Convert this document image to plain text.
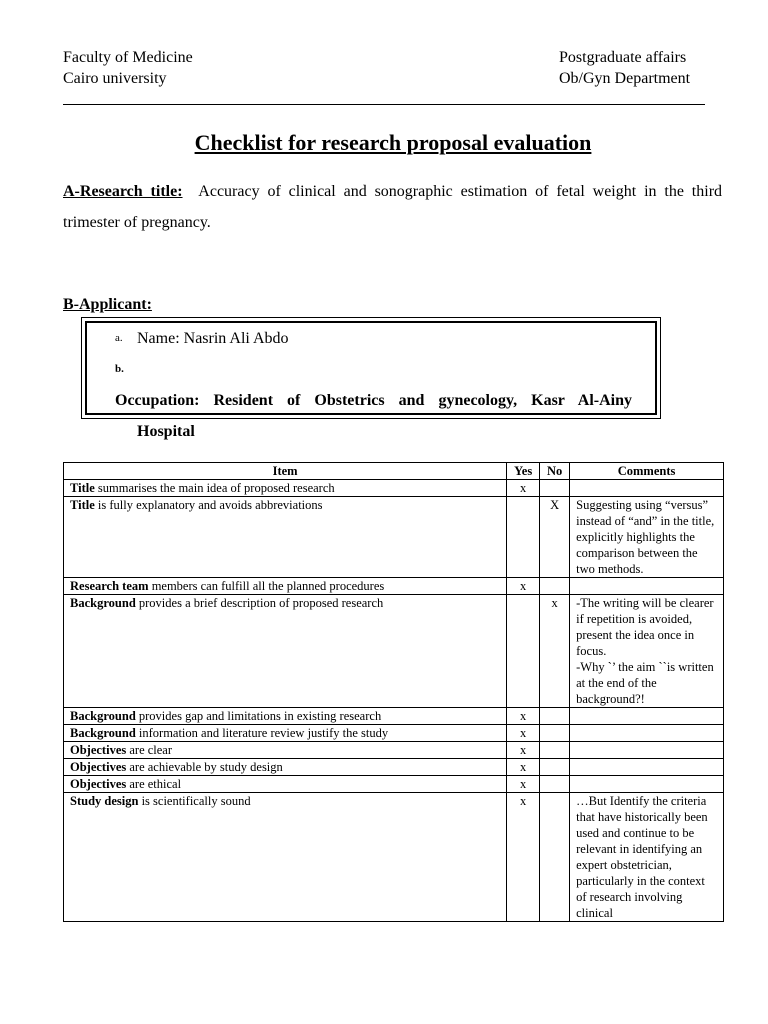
Faculty of Medicine
Cairo university
Postgraduate affairs
Ob/Gyn Department
Checklist for research proposal evaluation
A-Research title: Accuracy of clinical and sonographic estimation of fetal weight in the third trimester of pregnancy.
B-Applicant:
a. Name: Nasrin Ali Abdo
b.Occupation: Resident of Obstetrics and gynecology, Kasr Al-Ainy
Hospital
Item	Yes	No	Comments
Title summarises the main idea of proposed research	x		
Title is fully explanatory and avoids abbreviations		X	Suggesting using “versus” instead of “and” in the title, explicitly highlights the comparison between the two methods.
Research team members can fulfill all the planned procedures	x		
Background provides a brief description of proposed research		x	-The writing will be clearer if repetition is avoided, present the idea once in focus.
-Why `’ the aim ``is written at the end of the background?!
Background provides gap and limitations in existing research	x		
Background information and literature review justify the study	x		
Objectives are clear	x		
Objectives are achievable by study design	x		
Objectives are ethical	x		
Study design is scientifically sound	x		…But Identify the criteria that have historically been used and continue to be relevant in identifying an expert obstetrician, particularly in the context of research involving clinical
